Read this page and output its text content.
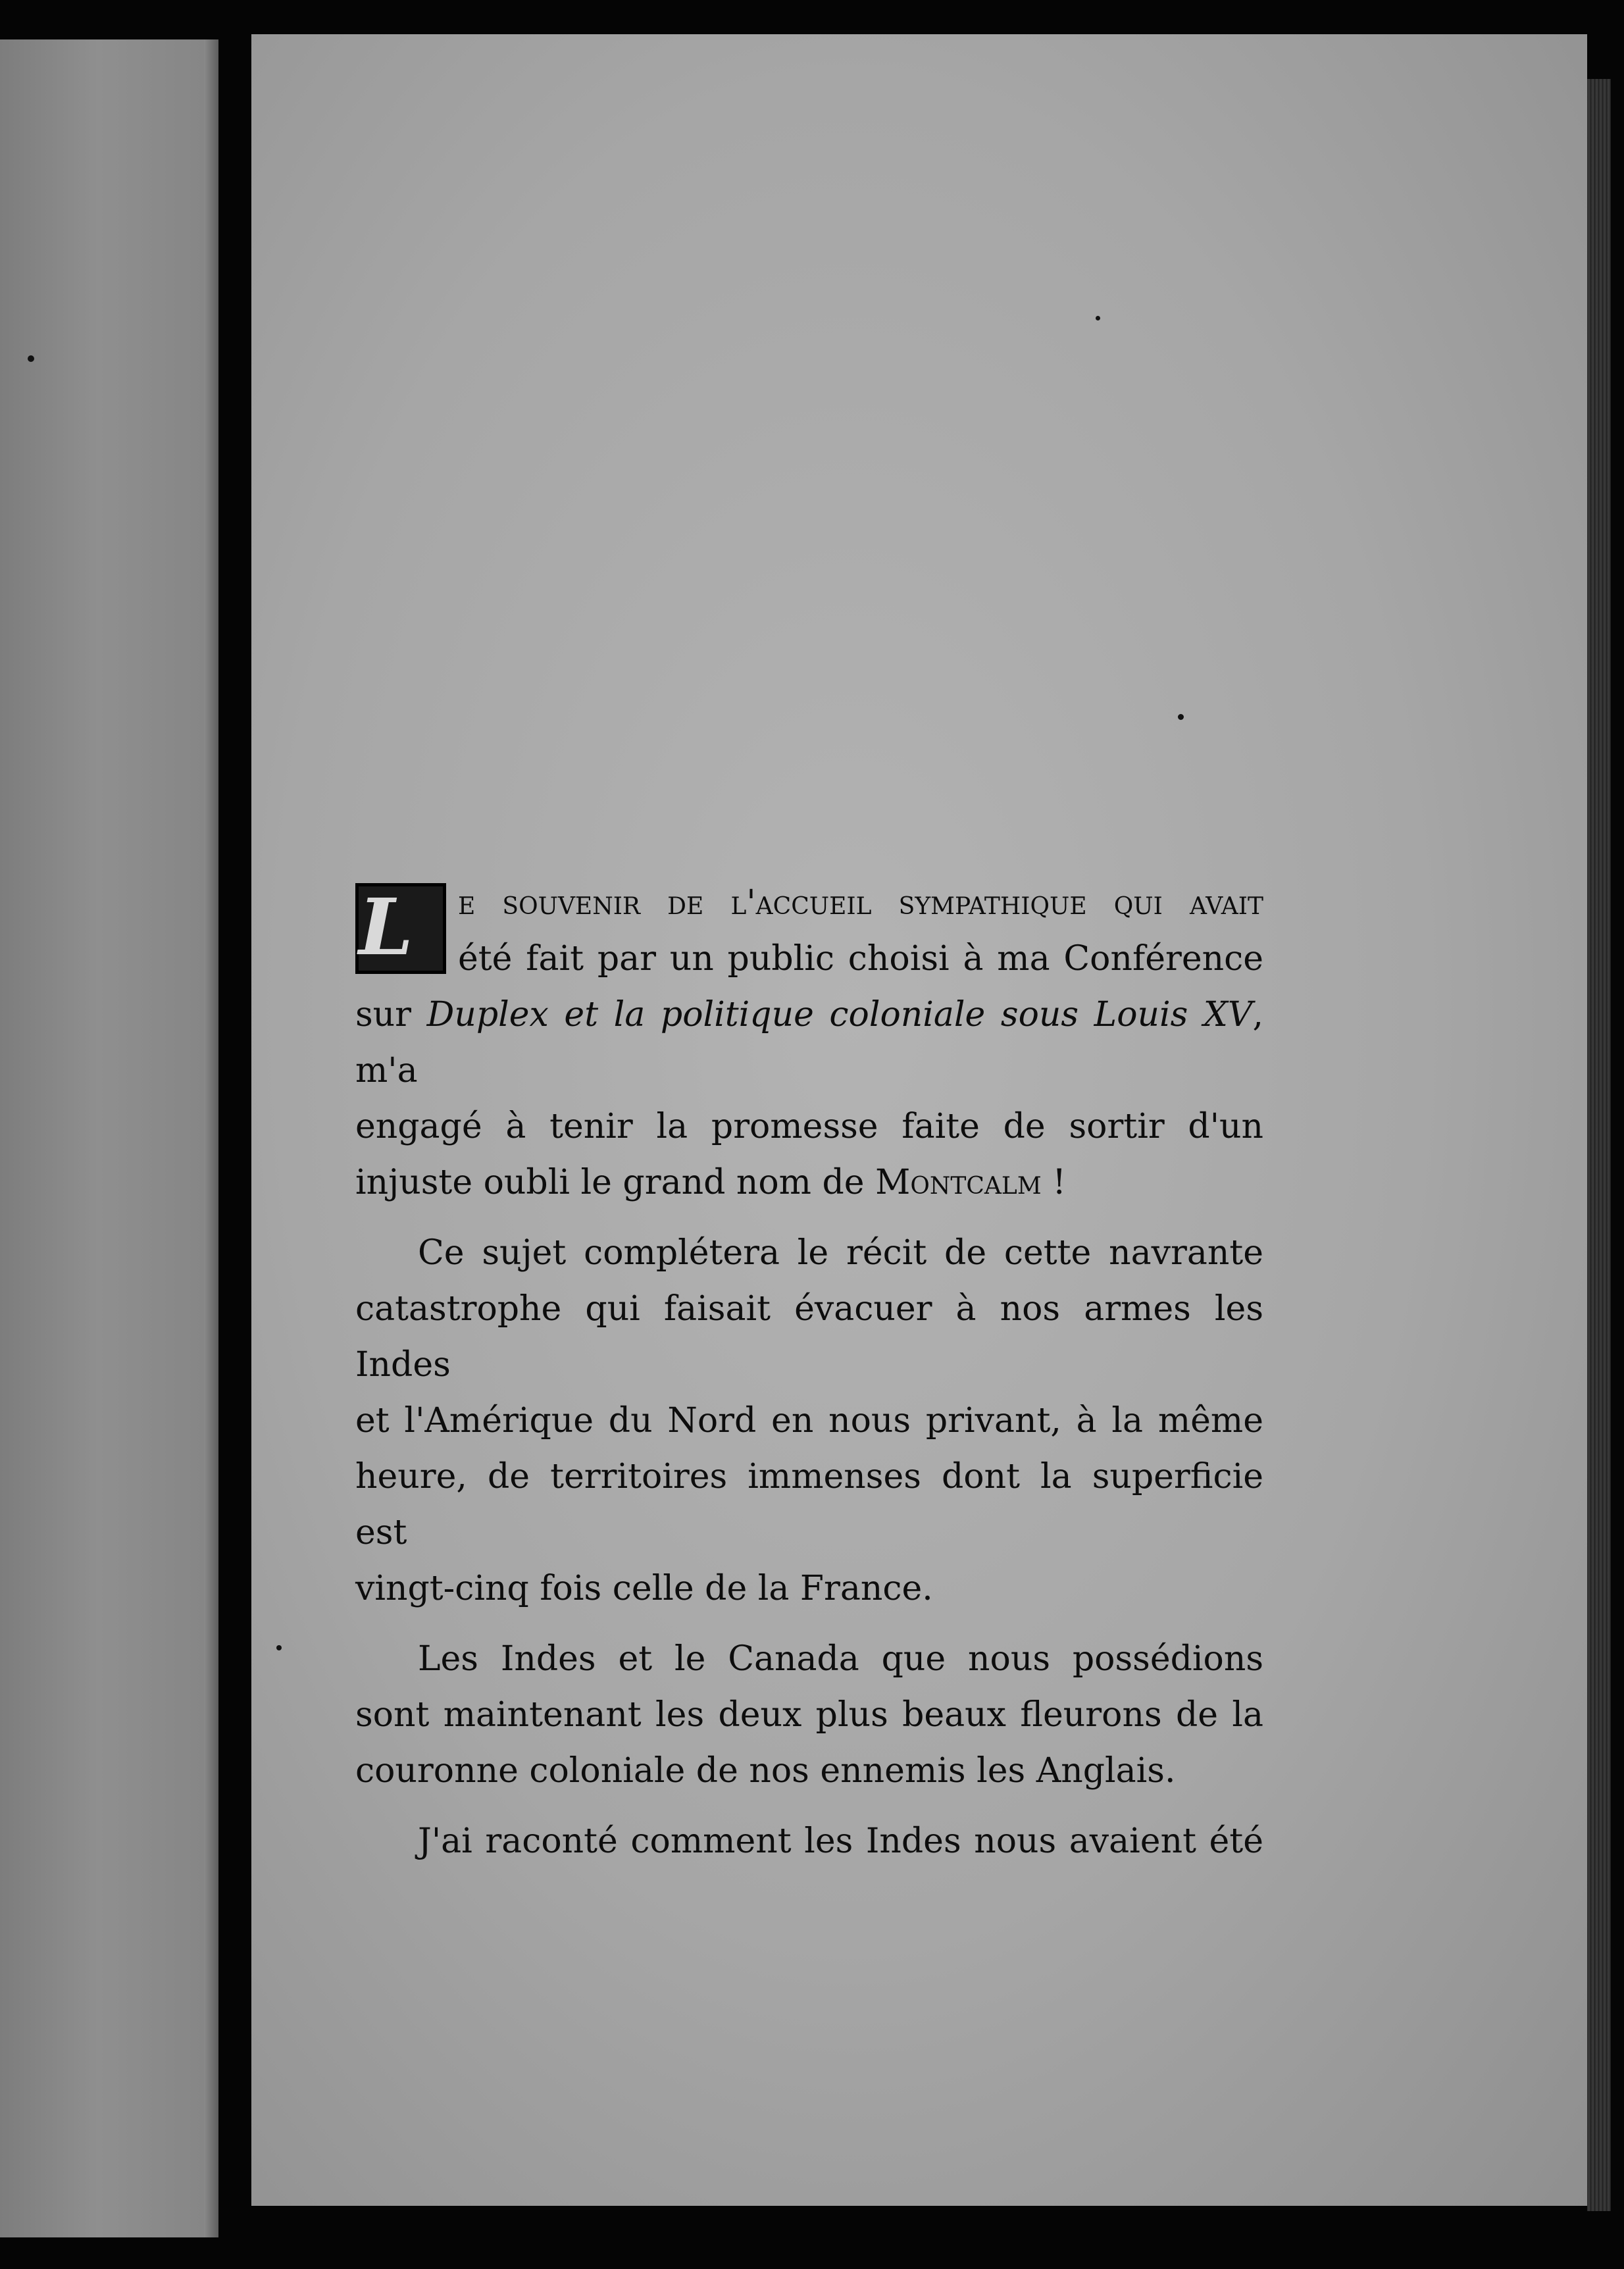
L	e souvenir de l'accueil sympathique qui avait
été fait par un public choisi à ma Conférence
sur Duplex et la politique coloniale sous Louis XV, m'a
engagé à tenir la promesse faite de sortir d'un
injuste oubli le grand nom de Montcalm !
Ce sujet complétera le récit de cette navrante
catastrophe qui faisait évacuer à nos armes les Indes
et l'Amérique du Nord en nous privant, à la même
heure, de territoires immenses dont la superficie est
vingt-cinq fois celle de la France.
Les Indes et le Canada que nous possédions
sont maintenant les deux plus beaux fleurons de la
couronne coloniale de nos ennemis les Anglais.
J'ai raconté comment les Indes nous avaient été
